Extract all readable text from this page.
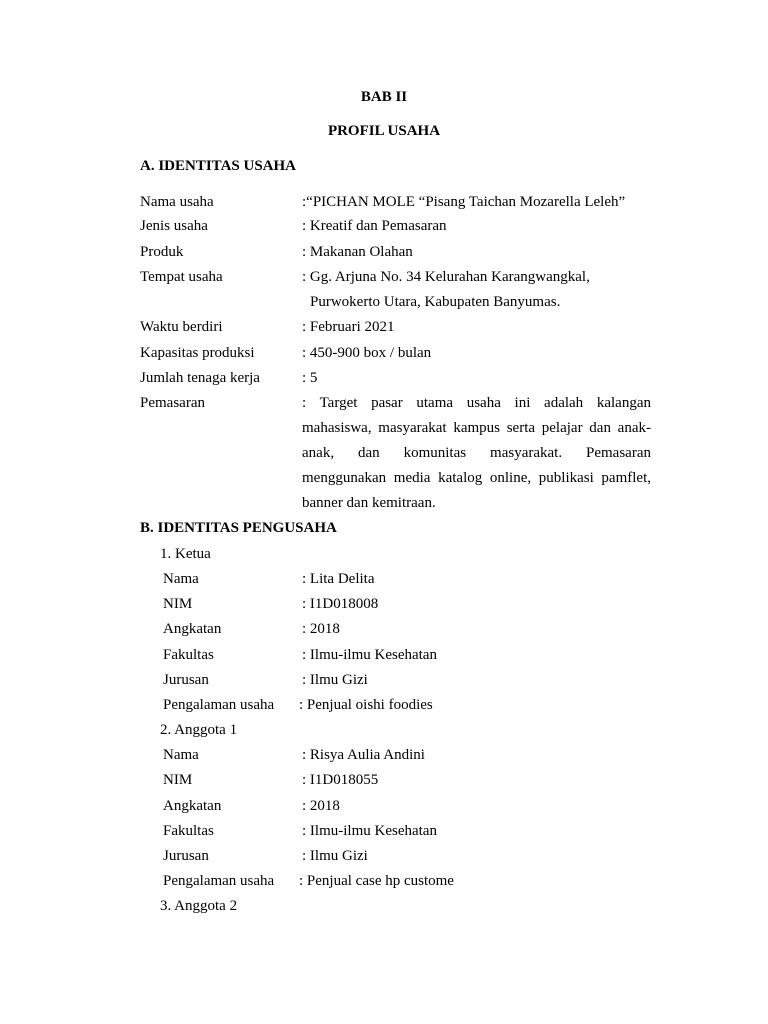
BAB II
PROFIL USAHA
A. IDENTITAS USAHA
Nama usaha	:“PICHAN MOLE “Pisang Taichan Mozarella Leleh”
Jenis usaha	: Kreatif dan Pemasaran
Produk	: Makanan Olahan
Tempat usaha	: Gg. Arjuna No. 34 Kelurahan Karangwangkal,
Purwokerto Utara, Kabupaten Banyumas.
Waktu berdiri	: Februari 2021
Kapasitas produksi	: 450-900 box / bulan
Jumlah tenaga kerja	: 5
Pemasaran	: Target pasar utama usaha ini adalah kalangan
mahasiswa, masyarakat kampus serta pelajar dan anak-
anak, dan komunitas masyarakat. Pemasaran
menggunakan media katalog online, publikasi pamflet,
banner dan kemitraan.
B. IDENTITAS PENGUSAHA
1. Ketua
Nama	: Lita Delita
NIM	: I1D018008
Angkatan	: 2018
Fakultas	: Ilmu-ilmu Kesehatan
Jurusan	: Ilmu Gizi
Pengalaman usaha : Penjual oishi foodies
2. Anggota 1
Nama	: Risya Aulia Andini
NIM	: I1D018055
Angkatan	: 2018
Fakultas	: Ilmu-ilmu Kesehatan
Jurusan	: Ilmu Gizi
Pengalaman usaha : Penjual case hp custome
3. Anggota 2
